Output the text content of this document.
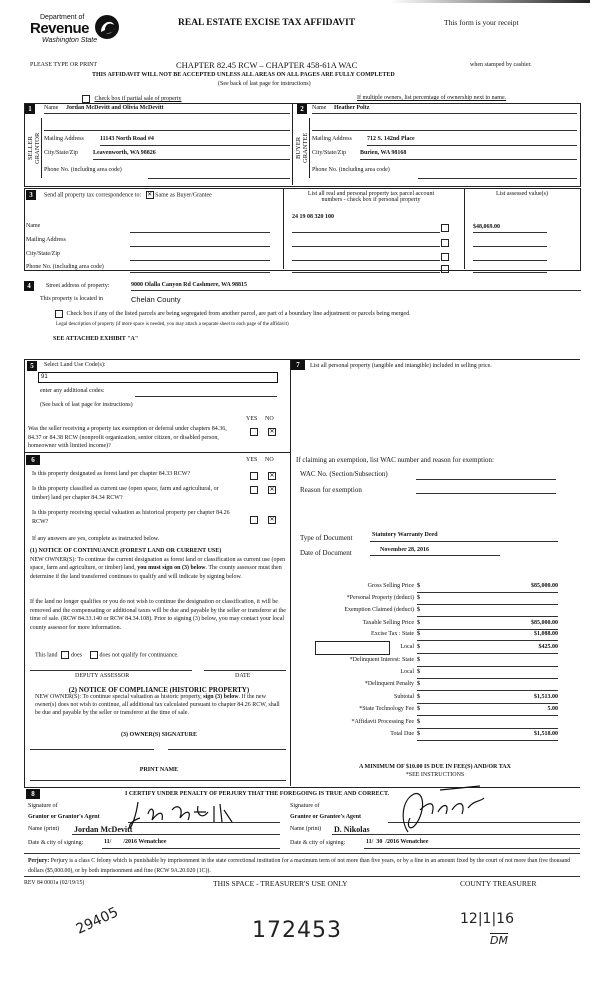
Department of
Revenue
Washington State
REAL ESTATE EXCISE TAX AFFIDAVIT	This form is your receipt
PLEASE TYPE OR PRINT	CHAPTER 82.45 RCW – CHAPTER 458-61A WAC	when stamped by cashier.
THIS AFFIDAVIT WILL NOT BE ACCEPTED UNLESS ALL AREAS ON ALL PAGES ARE FULLY COMPLETED
(See back of last page for instructions)
Check box if partial sale of property	If multiple owners, list percentage of ownership next to name.
1
SELLER
GRANTOR
Name Jordan McDevitt and Olivia McDevitt
Mailing Address	11143 North Road #4
City/State/Zip	Leavenworth, WA 98826
Phone No. (including area code)
2
BUYER
GRANTEE
Name Heather Poltz
Mailing Address	712 S. 142nd Place
City/State/Zip Burien, WA 98168
Phone No. (including area code)
3	Send all property tax correspondence to: ✕ Same as Buyer/Grantee
Name
Mailing Address
City/State/Zip
Phone No. (including area code)
List all real and personal property tax parcel account
numbers - check box if personal property
24 19 08 320 100
List assessed value(s)
$48,069.00
4	Street address of property:	9000 Olalla Canyon Rd Cashmere, WA 98815
This property is located in	Chelan County
Check box if any of the listed parcels are being segregated from another parcel, are part of a boundary line adjustment or parcels being merged.
Legal description of property (if more space is needed, you may attach a separate sheet to each page of the affidavit)
SEE ATTACHED EXHIBIT "A"
5	Select Land Use Code(s):
91
enter any additional codes:
(See back of last page for instructions)
YES NO
Was the seller receiving a property tax exemption or deferral under chapters 84.36, 84.37 or 84.38 RCW (nonprofit organization, senior citizen, or disabled person, homeowner with limited income)?
✕
6	YES NO
Is this property designated as forest land per chapter 84.33 RCW?	✕
Is this property classified as current use (open space, farm and agricultural, or timber) land per chapter 84.34 RCW?
✕
Is this property receiving special valuation as historical property per chapter 84.26 RCW?	✕
If any answers are yes, complete as instructed below.
(1) NOTICE OF CONTINUANCE (FOREST LAND OR CURRENT USE)
NEW OWNER(S): To continue the current designation as forest land or classification as current use (open space, farm and agriculture, or timber) land, you must sign on (3) below. The county assessor must then determine if the land transferred continues to qualify and will indicate by signing below.
If the land no longer qualifies or you do not wish to continue the designation or classification, it will be removed and the compensating or additional taxes will be due and payable by the seller or transferor at the time of sale. (RCW 84.33.140 or RCW 84.34.108). Prior to signing (3) below, you may contact your local county assessor for more information.
This land does	does not qualify for continuance.
DEPUTY ASSESSOR	DATE
(2) NOTICE OF COMPLIANCE (HISTORIC PROPERTY)
NEW OWNER(S): To continue special valuation as historic property, sign (3) below. If the new owner(s) does not wish to continue, all additional tax calculated pursuant to chapter 84.26 RCW, shall be due and payable by the seller or transferor at the time of sale.
(3) OWNER(S) SIGNATURE
PRINT NAME
7	List all personal property (tangible and intangible) included in selling price.
If claiming an exemption, list WAC number and reason for exemption:
WAC No. (Section/Subsection)
Reason for exemption
Type of Document	Statutory Warranty Deed
Date of Document	November 28, 2016
Gross Selling Price $	$85,000.00
*Personal Property (deduct) $
Exemption Claimed (deduct) $
Taxable Selling Price $	$85,000.00
Excise Tax : State $	$1,088.00
Local $	$425.00
*Delinquent Interest: State $
Local $
*Delinquent Penalty $
Subtotal $	$1,513.00
*State Technology Fee $	5.00
*Affidavit Processing Fee $
Total Due $	$1,518.00
A MINIMUM OF $10.00 IS DUE IN FEE(S) AND/OR TAX
*SEE INSTRUCTIONS
8	I CERTIFY UNDER PENALTY OF PERJURY THAT THE FOREGOING IS TRUE AND CORRECT.
Signature of
Grantor or Grantor's Agent
Name (print) Jordan McDevitt
Date & city of signing:	11/        /2016 Wenatchee
Signature of
Grantee or Grantee's Agent
Name (print) D. Nikolas
Date & city of signing:	11/  30  /2016 Wenatchee
Perjury: Perjury is a class C felony which is punishable by imprisonment in the state correctional institution for a maximum term of not more than five years, or by a fine in an amount fixed by the court of not more than five thousand dollars ($5,000.00), or by both imprisonment and fine (RCW 9A.20.020 (1C)).
REV 84 0001a (02/19/15)	THIS SPACE - TREASURER'S USE ONLY	COUNTY TREASURER
29405	172453	12|1|16
DM
